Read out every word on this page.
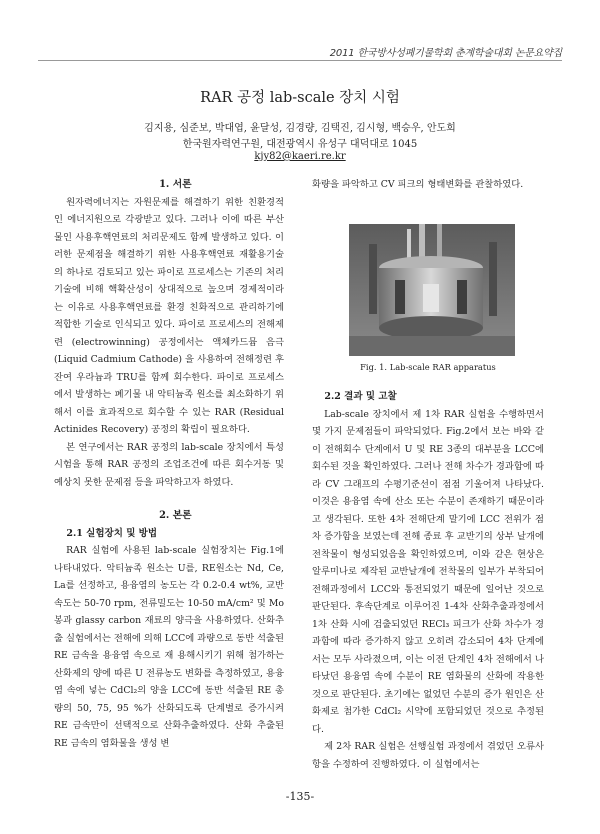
2011 한국방사성폐기물학회 춘계학술대회 논문요약집
RAR 공정 lab-scale 장치 시험
김지용, 심준보, 박대엽, 윤달성, 김경량, 김택진, 김시형, 백승우, 안도희
한국원자력연구원, 대전광역시 유성구 대덕대로 1045
kjy82@kaeri.re.kr

1. 서론

원자력에너지는 자원문제를 해결하기 위한 친환경적인 에너지원으로 각광받고 있다. 그러나 이에 따른 부산물인 사용후핵연료의 처리문제도 함께 발생하고 있다. 이러한 문제점을 해결하기 위한 사용후핵연료 재활용기술의 하나로 검토되고 있는 파이로 프로세스는 기존의 처리기술에 비해 핵확산성이 상대적으로 높으며 경제적이라는 이유로 사용후핵연료를 환경 친화적으로 관리하기에 적합한 기술로 인식되고 있다. 파이로 프로세스의 전해제련 (electrowinning) 공정에서는 액체카드뮴 음극 (Liquid Cadmium Cathode) 을 사용하여 전해정련 후 잔여 우라늄과 TRU를 함께 회수한다. 파이로 프로세스에서 발생하는 폐기물 내 악티늄족 원소를 최소화하기 위해서 이를 효과적으로 회수할 수 있는 RAR (Residual Actinides Recovery) 공정의 확립이 필요하다.

본 연구에서는 RAR 공정의 lab-scale 장치에서 특성 시험을 통해 RAR 공정의 조업조건에 따른 회수거동 및 예상치 못한 문제점 등을 파악하고자 하였다.

2. 본론

2.1 실험장치 및 방법

RAR 실험에 사용된 lab-scale 실험장치는 Fig.1에 나타내었다. 악티늄족 원소는 U를, RE원소는 Nd, Ce, La를 선정하고, 용융염의 농도는 각 0.2-0.4 wt%, 교반속도는 50-70 rpm, 전류밀도는 10-50 mA/cm² 및 Mo봉과 glassy carbon 재료의 양극을 사용하였다. 산화추출 실험에서는 전해에 의해 LCC에 과량으로 동반 석출된 RE 금속을 용융염 속으로 재 용해시키기 위해 첨가하는 산화제의 양에 따른 U 전류농도 변화를 측정하였고, 용융염 속에 넣는 CdCl₂의 양을 LCC에 동반 석출된 RE 총량의 50, 75, 95 %가 산화되도록 단계별로 증가시켜 RE 금속만이 선택적으로 산화추출하였다. 산화 추출된 RE 금속의 염화물을 생성 변

화량을 파악하고 CV 피크의 형태변화를 관찰하였다.

Fig. 1. Lab-scale RAR apparatus

2.2 결과 및 고찰

Lab-scale 장치에서 제 1차 RAR 실험을 수행하면서 몇 가지 문제점들이 파악되었다. Fig.2에서 보는 바와 같이 전해회수 단계에서 U 및 RE 3종의 대부분을 LCC에 회수된 것을 확인하였다. 그러나 전해 차수가 경과함에 따라 CV 그래프의 수평기준선이 점점 기울어져 나타났다. 이것은 용융염 속에 산소 또는 수분이 존재하기 때문이라고 생각된다. 또한 4차 전해단계 말기에 LCC 전위가 점차 증가함을 보였는데 전해 종료 후 교반기의 상부 날개에 전착물이 형성되었음을 확인하였으며, 이와 같은 현상은 알루미나로 제작된 교반날개에 전착물의 일부가 부착되어 전해과정에서 LCC와 통전되었기 때문에 일어난 것으로 판단된다. 후속단계로 이루어진 1-4차 산화추출과정에서 1차 산화 시에 검출되었던 RECl₃ 피크가 산화 차수가 경과함에 따라 증가하지 않고 오히려 감소되어 4차 단계에서는 모두 사라졌으며, 이는 이전 단계인 4차 전해에서 나타났던 용융염 속에 수분이 RE 염화물의 산화에 작용한 것으로 판단된다. 초기에는 없었던 수분의 증가 원인은 산화제로 첨가한 CdCl₂ 시약에 포함되었던 것으로 추정된다.

제 2차 RAR 실험은 선행실험 과정에서 겪었던 오류사항을 수정하여 진행하였다. 이 실험에서는

-135-
